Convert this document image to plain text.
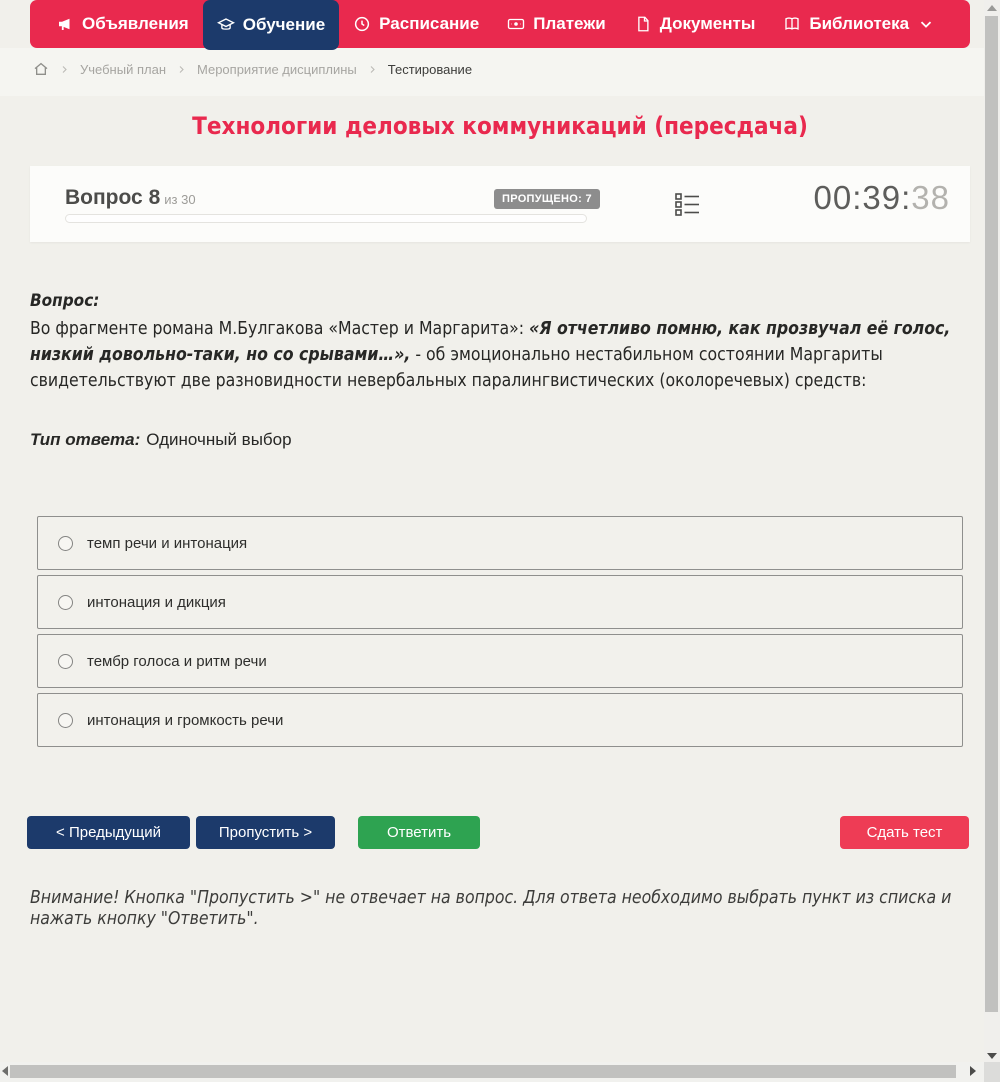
Объявления	Обучение	Расписание	Платежи	Документы	Библиотека
Учебный план Мероприятие дисциплины Тестирование
Технологии деловых коммуникаций (пересдача)
Вопрос 8 из 30	ПРОПУЩЕНО: 7	00:39:38
Вопрос:

Во фрагменте романа М.Булгакова «Мастер и Маргарита»: «Я отчетливо помню, как прозвучал её голос, низкий довольно-таки, но со срывами…», - об эмоционально нестабильном состоянии Маргариты свидетельствуют две разновидности невербальных паралингвистических (околоречевых) средств:

Тип ответа: Одиночный выбор
темп речи и интонация
интонация и дикция
тембр голоса и ритм речи
интонация и громкость речи
< Предыдущий	Пропустить >	Ответить	Сдать тест

Внимание! Кнопка "Пропустить >" не отвечает на вопрос. Для ответа необходимо выбрать пункт из списка и нажать кнопку "Ответить".
